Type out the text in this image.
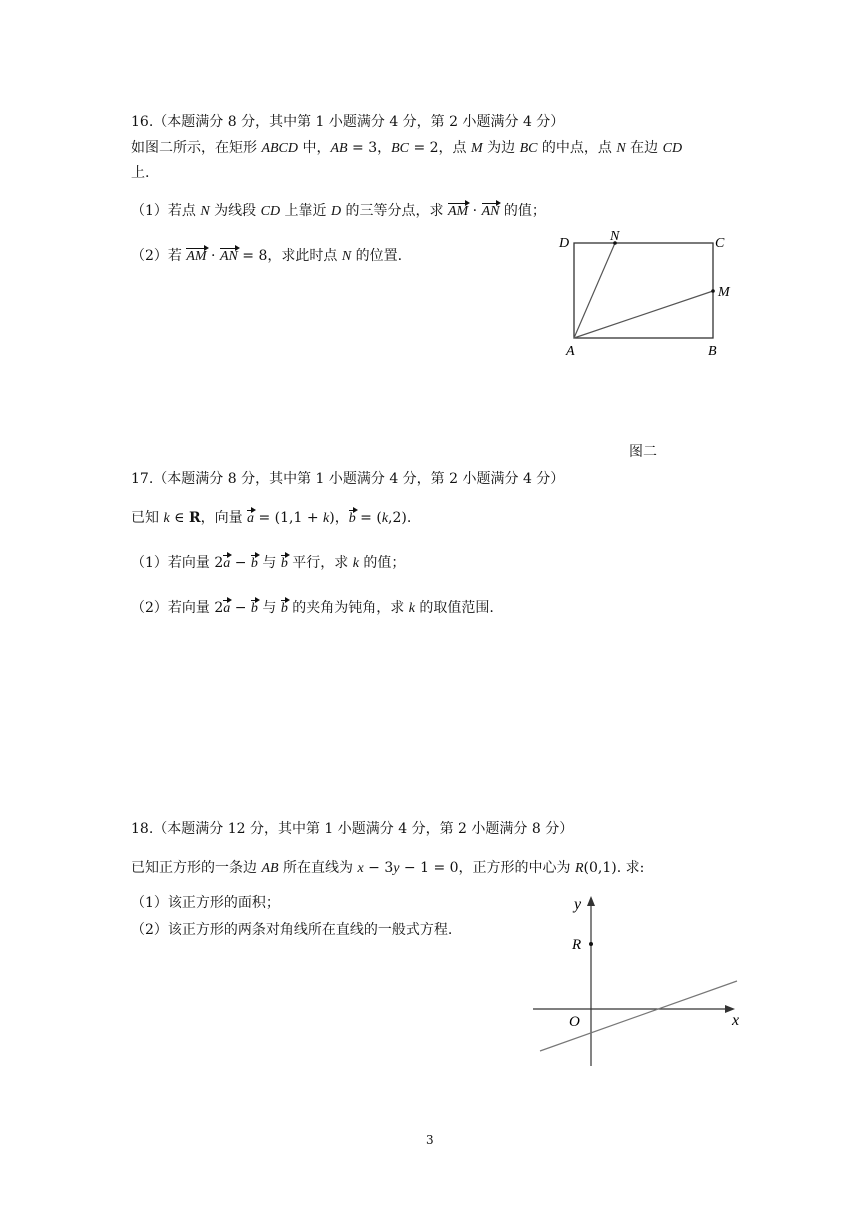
16.（本题满分 8 分，其中第 1 小题满分 4 分，第 2 小题满分 4 分）
如图二所示，在矩形 ABCD 中，AB = 3，BC = 2，点 M 为边 BC 的中点，点 N 在边 CD
上.
（1）若点 N 为线段 CD 上靠近 D 的三等分点，求 AM · AN 的值；
（2）若 AM · AN = 8，求此时点 N 的位置.
D	N	C
M
A	B
图二
17.（本题满分 8 分，其中第 1 小题满分 4 分，第 2 小题满分 4 分）
已知 k ∈ R，向量 a = (1,1 + k)，b = (k,2).
（1）若向量 2a − b 与 b 平行，求 k 的值；
（2）若向量 2a − b 与 b 的夹角为钝角，求 k 的取值范围.
18.（本题满分 12 分，其中第 1 小题满分 4 分，第 2 小题满分 8 分）
已知正方形的一条边 AB 所在直线为 x − 3y − 1 = 0，正方形的中心为 R(0,1). 求:
（1）该正方形的面积；
（2）该正方形的两条对角线所在直线的一般式方程.
y
R
O	x
3
